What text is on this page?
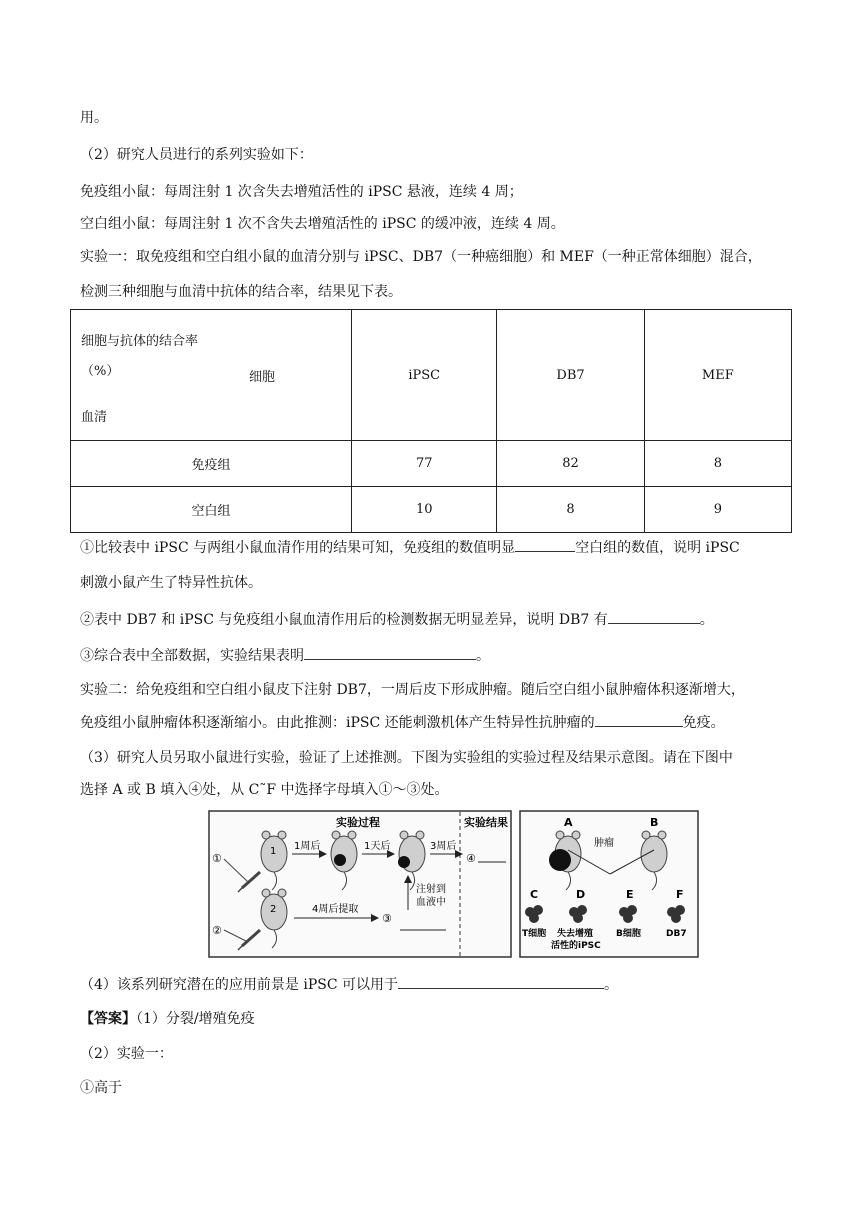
用。
（2）研究人员进行的系列实验如下：
免疫组小鼠：每周注射 1 次含失去增殖活性的 iPSC 悬液，连续 4 周；
空白组小鼠：每周注射 1 次不含失去增殖活性的 iPSC 的缓冲液，连续 4 周。
实验一：取免疫组和空白组小鼠的血清分别与 iPSC、DB7（一种癌细胞）和 MEF（一种正常体细胞）混合，
检测三种细胞与血清中抗体的结合率，结果见下表。
细胞与抗体的结合率
（%） 细胞
血清	iPSC	DB7	MEF
免疫组	77	82	8
空白组	10	8	9
①比较表中 iPSC 与两组小鼠血清作用的结果可知，免疫组的数值明显	空白组的数值，说明 iPSC
刺激小鼠产生了特异性抗体。
②表中 DB7 和 iPSC 与免疫组小鼠血清作用后的检测数据无明显差异，说明 DB7 有	。
③综合表中全部数据，实验结果表明	。
实验二：给免疫组和空白组小鼠皮下注射 DB7，一周后皮下形成肿瘤。随后空白组小鼠肿瘤体积逐渐增大，
免疫组小鼠肿瘤体积逐渐缩小。由此推测：iPSC 还能刺激机体产生特异性抗肿瘤的	免疫。
（3）研究人员另取小鼠进行实验，验证了上述推测。下图为实验组的实验过程及结果示意图。请在下图中
选择 A 或 B 填入④处，从 C˜F 中选择字母填入①～③处。
实验过程	实验结果
1
①
1周后	1天后	3周后
④
2
②
4周后提取
③
注射到
血液中
A	B
肿瘤
C	D	E	F
T细胞 失去增殖
活性的iPSC
B细胞	DB7
（4）该系列研究潜在的应用前景是 iPSC 可以用于	。
【答案】（1）分裂/增殖免疫
（2）实验一：
①高于
